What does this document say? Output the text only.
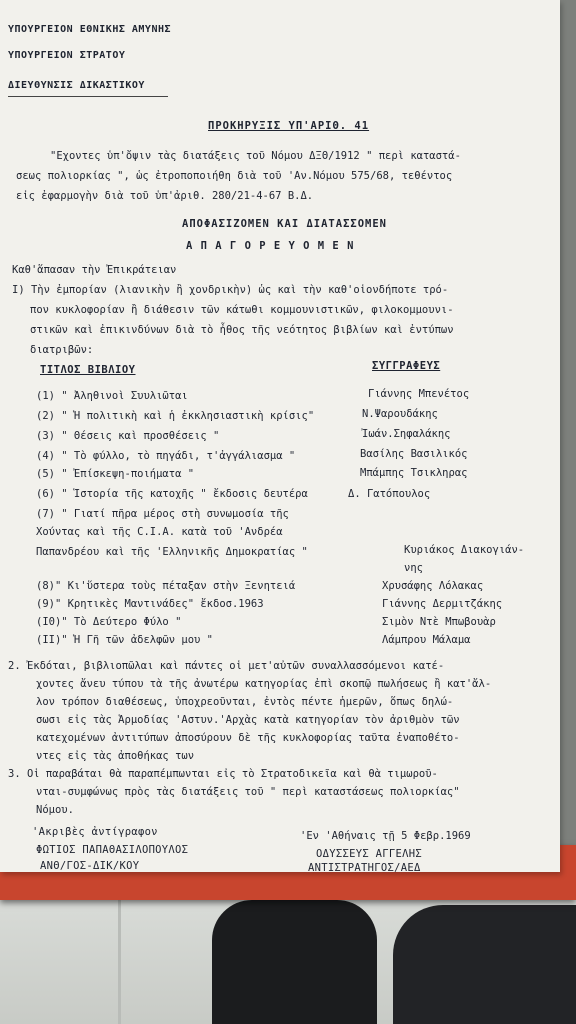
ΥΠΟΥΡΓΕΙΟΝ ΕΘΝΙΚΗΣ ΑΜΥΝΗΣ
ΥΠΟΥΡΓΕΙΟΝ ΣΤΡΑΤΟΥ
ΔΙΕΥΘΥΝΣΙΣ ΔΙΚΑΣΤΙΚΟΥ
ΠΡΟΚΗΡΥΞΙΣ ΥΠ'ΑΡΙΘ. 41
"Εχοντες ὑπ'ὄψιν τὰς διατάξεις τοῦ Νόμου ΔΞΘ/1912 " περὶ καταστά-
σεως πολιορκίας ", ὡς ἐτροποποιήθη διὰ τοῦ 'Αν.Νόμου 575/68, τεθέντος
εἰς ἐφαρμογὴν διὰ τοῦ ὑπ'ἀριθ. 280/21-4-67 Β.Δ.
ΑΠΟΦΑΣΙΖΟΜΕΝ ΚΑΙ ΔΙΑΤΑΣΣΟΜΕΝ
Α Π Α Γ Ο Ρ Ε Υ Ο Μ Ε Ν
Καθ'ἅπασαν τὴν Ἐπικράτειαν
I) Τὴν ἐμπορίαν (λιανικὴν ἢ χονδρικὴν) ὡς καὶ τὴν καθ'οἱονδήποτε τρό-
πον κυκλοφορίαν ἢ διάθεσιν τῶν κάτωθι κομμουνιστικῶν, φιλοκομμουνι-
στικῶν καὶ ἐπικινδύνων διὰ τὸ ἦθος τῆς νεότητος βιβλίων καὶ ἐντύπων
διατριβῶν:
ΤΙΤΛΟΣ ΒΙΒΛΙΟΥ	ΣΥΓΓΡΑΦΕΥΣ
(1) " Ἀληθινοὶ Συυλιῶται	Γιάννης Μπενέτος
(2) " Ἡ πολιτικὴ καὶ ἡ ἐκκλησιαστικὴ κρίσις"	Ν.Ψαρουδάκης
(3) " Θέσεις καὶ προσθέσεις "	Ἰωάν.Σηφαλάκης
(4) " Τὸ φύλλο, τὸ πηγάδι, τ'ἀγγάλιασμα "	Βασίλης Βασιλικός
(5) " Ἐπίσκεψη-ποιήματα "	Μπάμπης Τσικληρας
(6) " Ἱστορία τῆς κατοχῆς " ἔκδοσις δευτέρα	Δ. Γατόπουλος
(7) " Γιατί πῆρα μέρος στὴ συνωμοσία τῆς
Χούντας καὶ τῆς C.I.A. κατὰ τοῦ 'Ανδρέα
Παπανδρέου καὶ τῆς 'Ελληνικῆς Δημοκρατίας "	Κυριάκος Διακογιάν-
νης
(8)" Κι'ὕστερα τοὺς πέταξαν στὴν Ξενητειά	Χρυσάφης Λόλακας
(9)" Κρητικὲς Μαντινάδες" ἔκδοσ.1963	Γιάννης Δερμιτζάκης
(I0)" Τὸ Δεύτερο Φύλο "	Σιμὸν Ντὲ Μπωβουὰρ
(II)" Ἡ Γῆ τῶν ἀδελφῶν μου "	Λάμπρου Μάλαμα
2. Ἐκδόται, βιβλιοπῶλαι καὶ πάντες οἱ μετ'αὐτῶν συναλλασσόμενοι κατέ-
χοντες ἄνευ τύπου τὰ τῆς ἀνωτέρω κατηγορίας ἐπὶ σκοπῷ πωλήσεως ἢ κατ'ἄλ-
λον τρόπον διαθέσεως, ὑποχρεοῦνται, ἐντὸς πέντε ἡμερῶν, ὅπως δηλώ-
σωσι εἰς τὰς Ἁρμοδίας 'Αστυν.'Αρχὰς κατὰ κατηγορίαν τὸν ἀριθμὸν τῶν
κατεχομένων ἀντιτύπων ἀποσύρουν δὲ τῆς κυκλοφορίας ταῦτα ἐναποθέτο-
ντες εἰς τὰς ἀποθήκας των
3. Οἱ παραβάται θὰ παραπέμπωνται εἰς τὸ Στρατοδικεῖα καὶ θὰ τιμωροῦ-
νται-συμφώνως πρὸς τὰς διατάξεις τοῦ " περὶ καταστάσεως πολιορκίας"
Νόμου.
'Ακριβὲς ἀντίγραφον
ΦΩΤΙΟΣ ΠΑΠΑΘΑΣΙΛΟΠΟΥΛΟΣ
ΑΝΘ/ΓΟΣ-ΔΙΚ/ΚΟΥ
'Εν 'Αθήναις τῇ 5 Φεβρ.1969
ΟΔΥΣΣΕΥΣ ΑΓΓΕΛΗΣ
ΑΝΤΙΣΤΡΑΤΗΓΟΣ/ΑΕΔ
